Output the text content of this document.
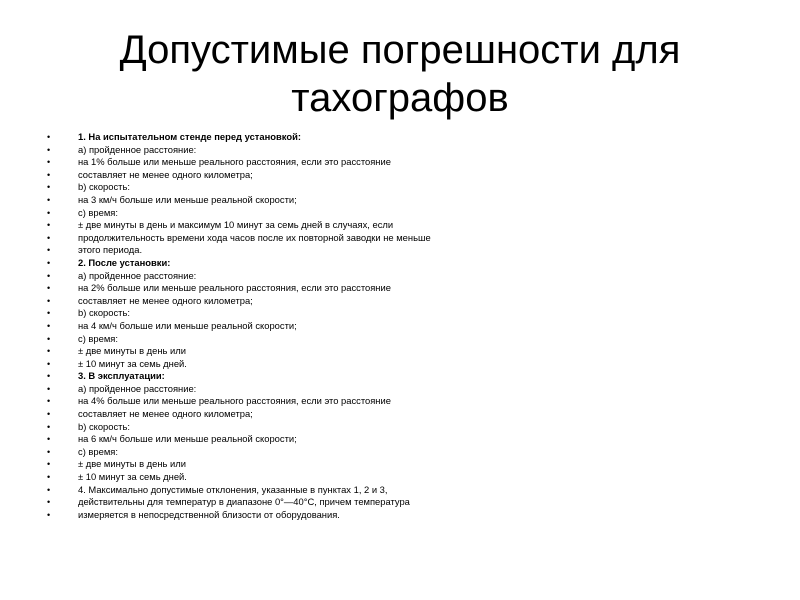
Допустимые погрешности для
тахографов
•	1. На испытательном стенде перед установкой:
•	а) пройденное расстояние:
•	на 1% больше или меньше реального расстояния, если это расстояние
•	составляет не менее одного километра;
•	b) скорость:
•	на 3 км/ч больше или меньше реальной скорости;
•	с) время:
•	± две минуты в день и максимум 10 минут за семь дней в случаях, если
•	продолжительность времени хода часов после их повторной заводки не меньше
•	этого периода.
•	2. После установки:
•	а) пройденное расстояние:
•	на 2% больше или меньше реального расстояния, если это расстояние
•	составляет не менее одного километра;
•	b) скорость:
•	на 4 км/ч больше или меньше реальной скорости;
•	с) время:
•	± две минуты в день или
•	± 10 минут за семь дней.
•	3. В эксплуатации:
•	а) пройденное расстояние:
•	на 4% больше или меньше реального расстояния, если это расстояние
•	составляет не менее одного километра;
•	b) скорость:
•	на 6 км/ч больше или меньше реальной скорости;
•	с) время:
•	± две минуты в день или
•	± 10 минут за семь дней.
•	4. Максимально допустимые отклонения, указанные в пунктах 1, 2 и 3,
•	действительны для температур в диапазоне 0°—40°С, причем температура
•	измеряется в непосредственной близости от оборудования.
